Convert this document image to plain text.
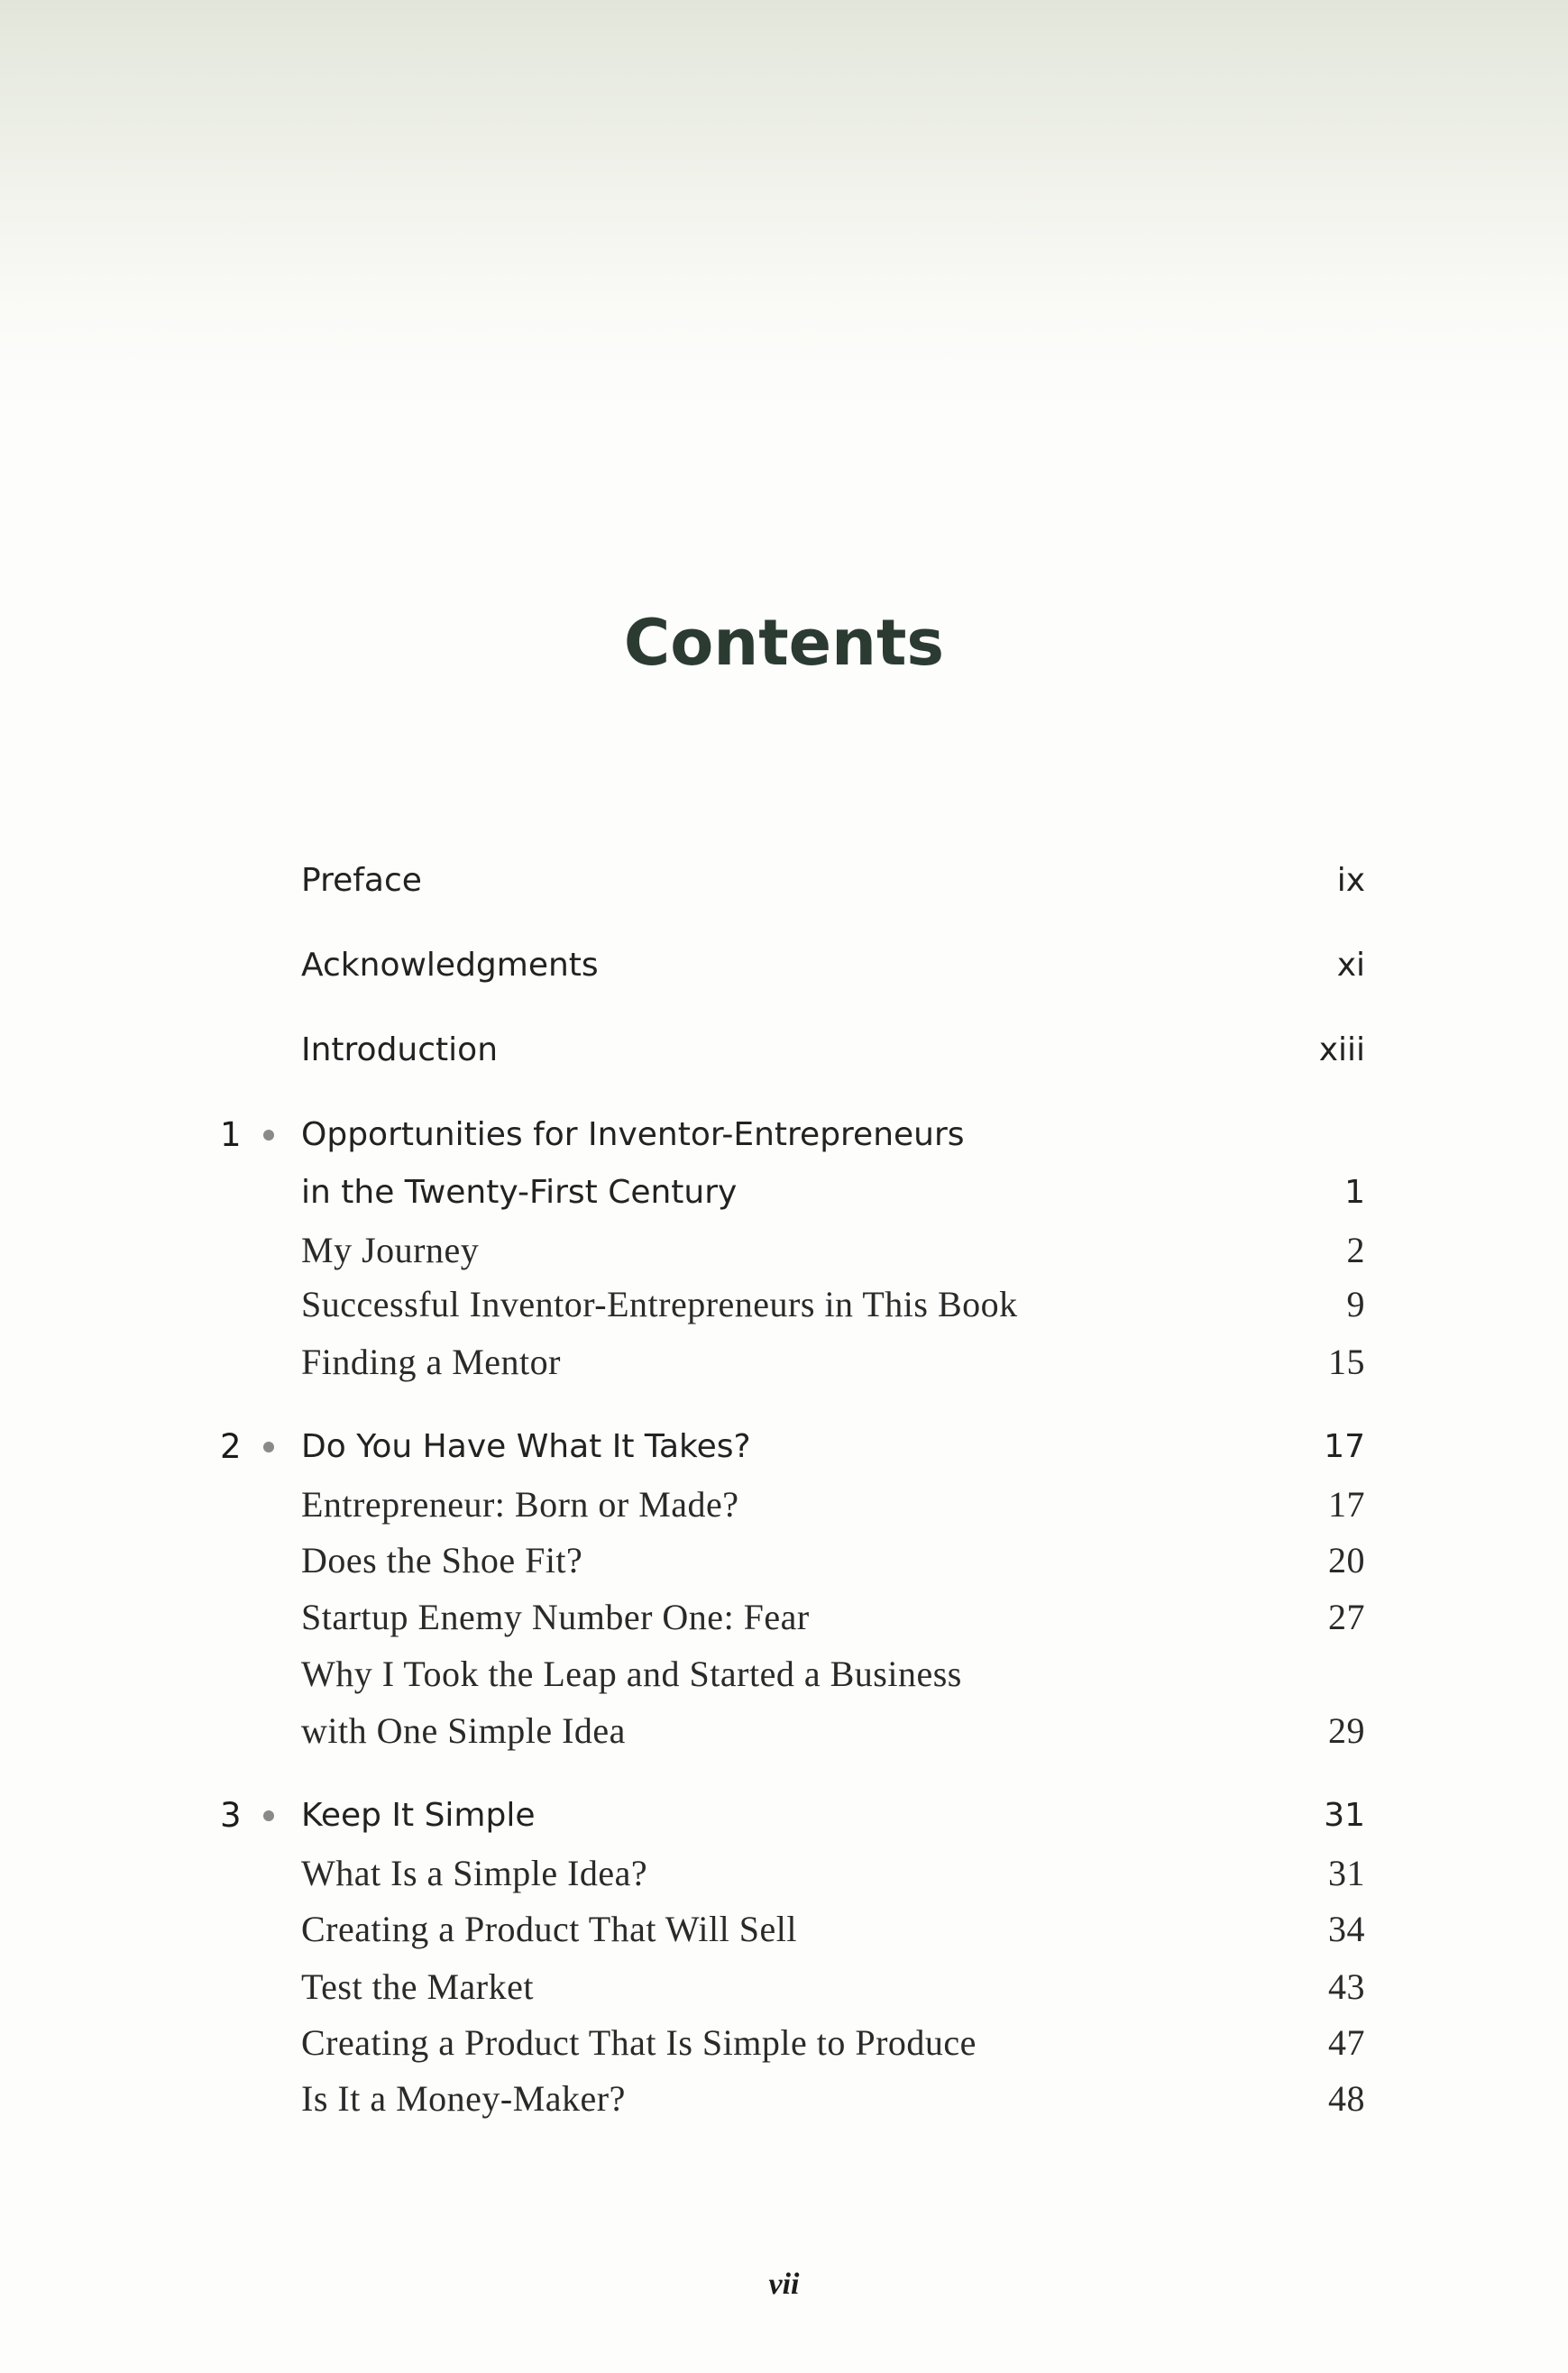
Contents
Preface	ix
Acknowledgments	xi
Introduction	xiii
1 Opportunities for Inventor-Entrepreneurs
in the Twenty-First Century	1
My Journey	2
Successful Inventor-Entrepreneurs in This Book	9
Finding a Mentor	15
2 Do You Have What It Takes?	17
Entrepreneur: Born or Made?	17
Does the Shoe Fit?	20
Startup Enemy Number One: Fear	27
Why I Took the Leap and Started a Business
with One Simple Idea	29
3 Keep It Simple	31
What Is a Simple Idea?	31
Creating a Product That Will Sell	34
Test the Market	43
Creating a Product That Is Simple to Produce	47
Is It a Money-Maker?	48
vii
